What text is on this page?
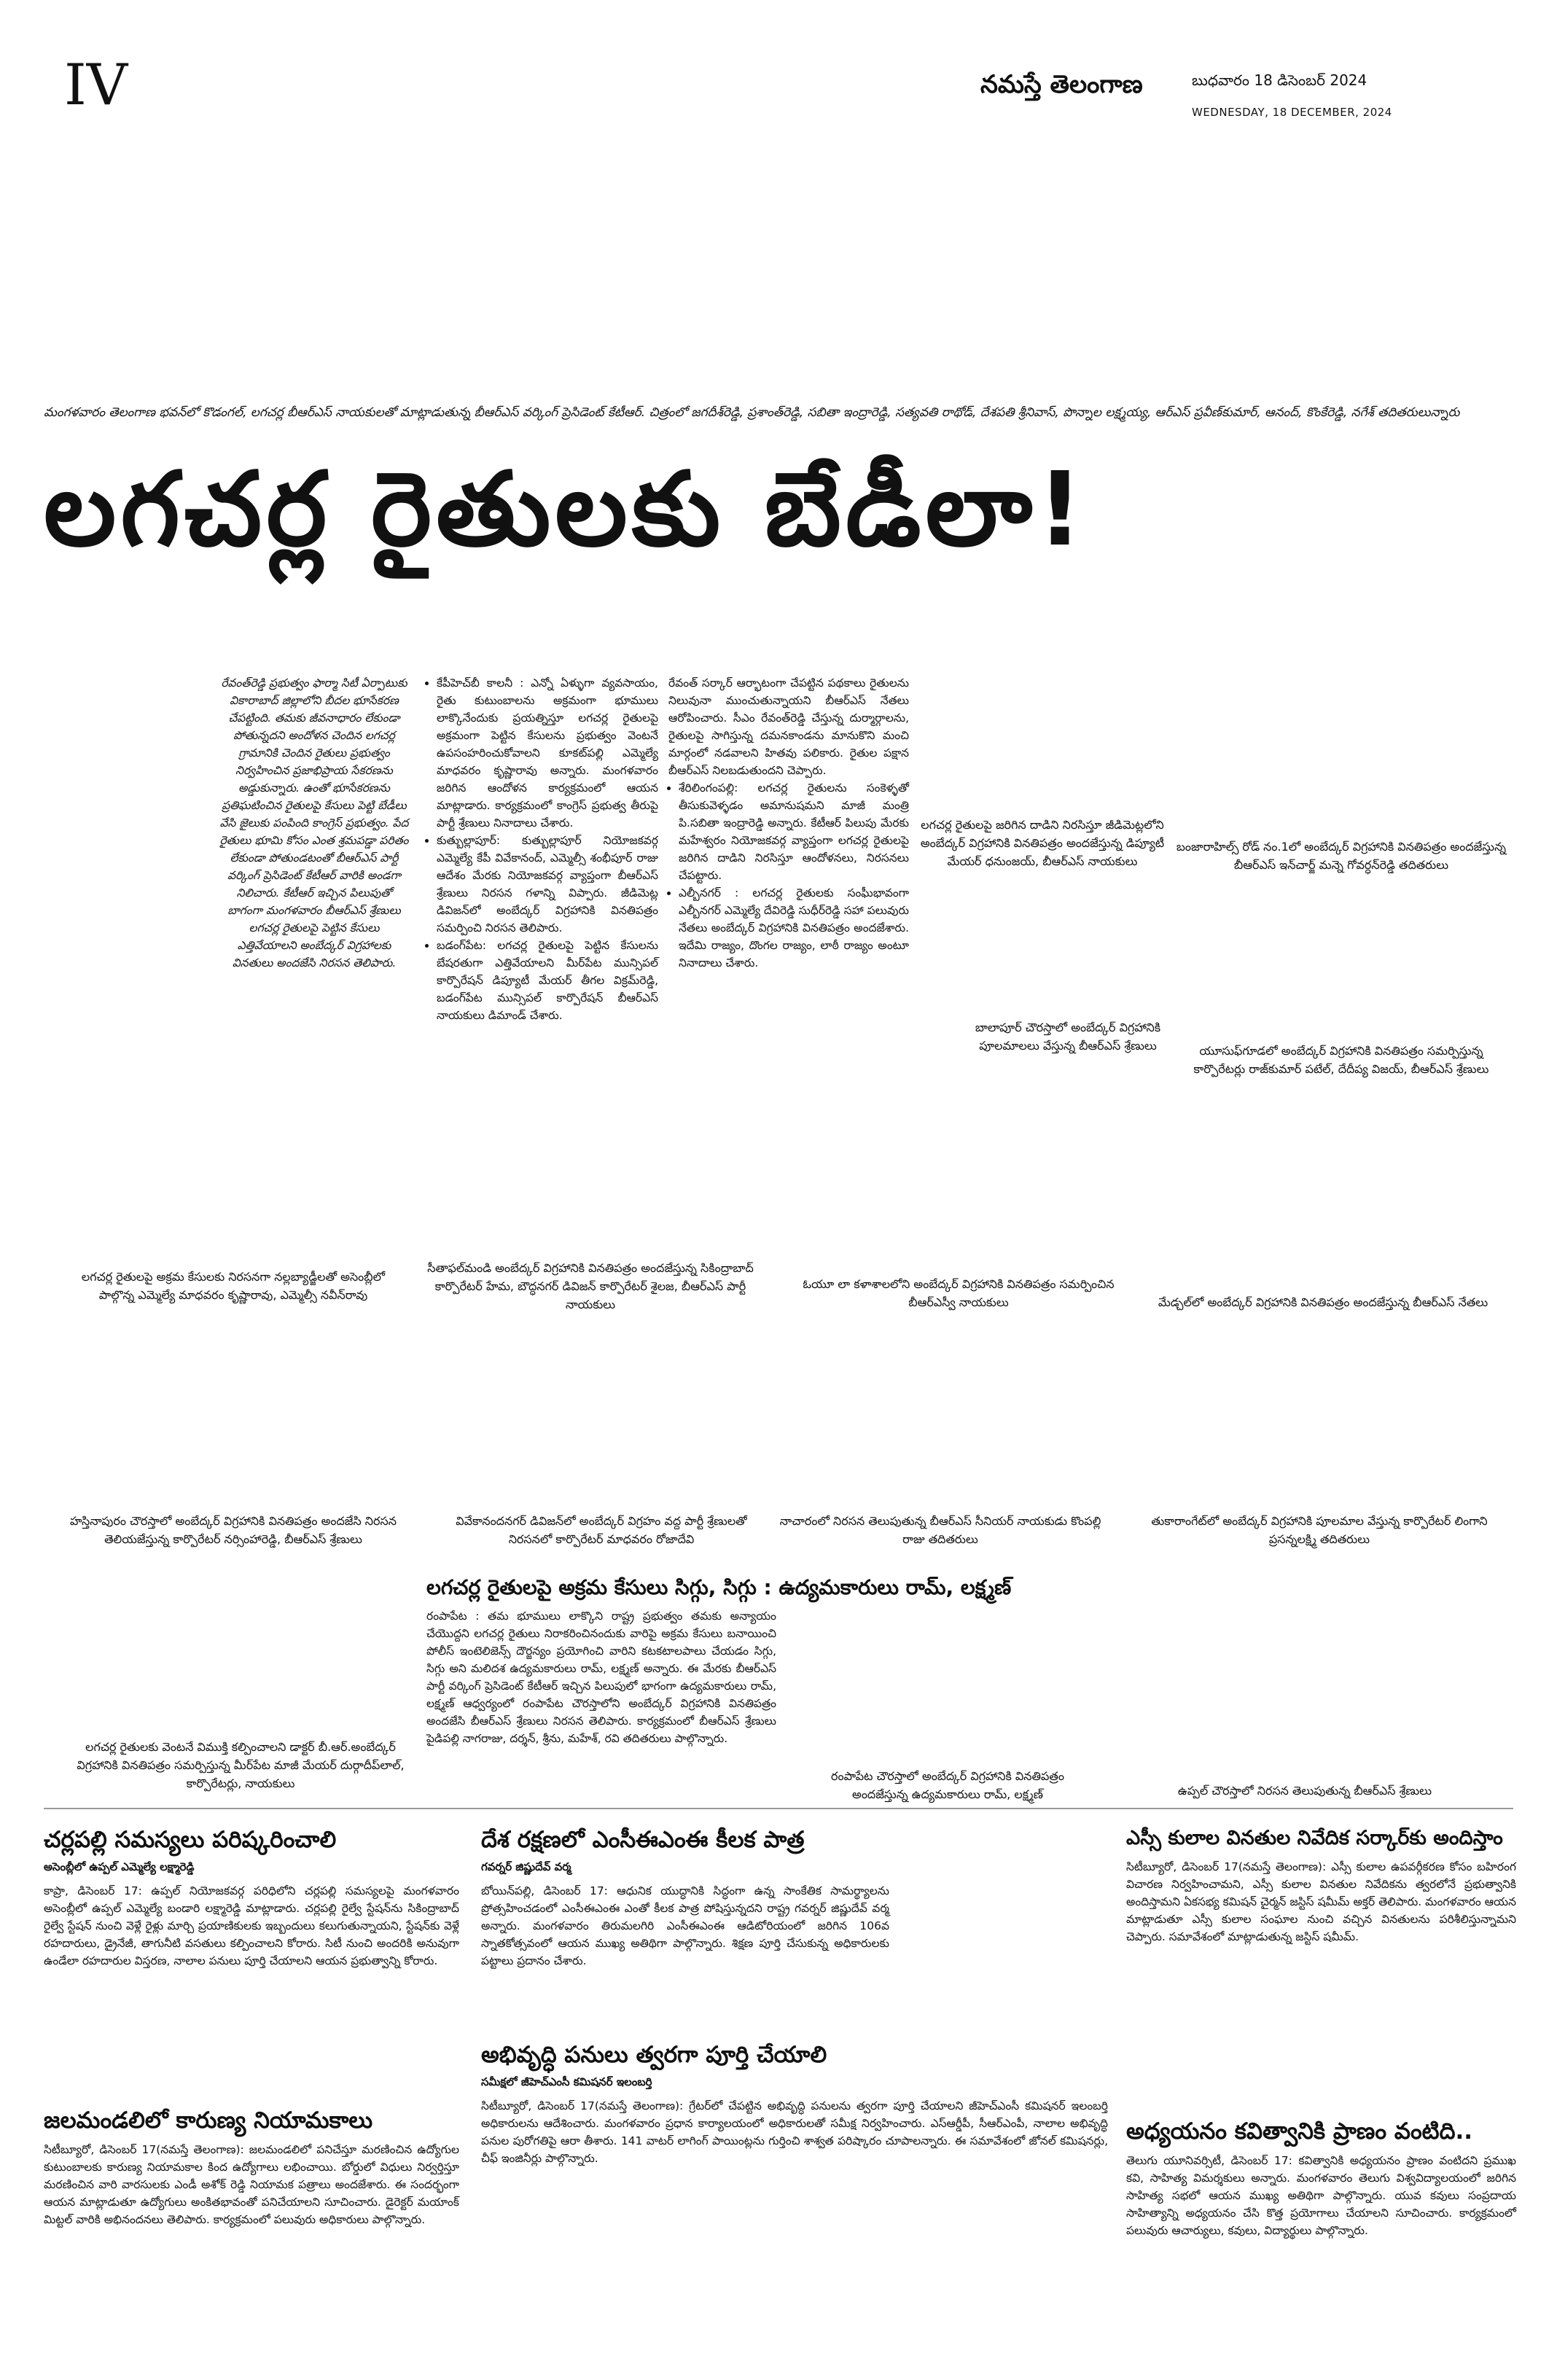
IV	నమస్తే తెలంగాణ	బుధవారం 18 డిసెంబర్ 2024
WEDNESDAY, 18 DECEMBER, 2024
మంగళవారం తెలంగాణ భవన్‌లో కొడంగల్, లగచర్ల బీఆర్ఎస్ నాయకులతో మాట్లాడుతున్న బీఆర్ఎస్ వర్కింగ్ ప్రెసిడెంట్ కేటీఆర్. చిత్రంలో జగదీశ్‌రెడ్డి, ప్రశాంత్‌రెడ్డి, సబితా ఇంద్రారెడ్డి, సత్యవతి రాథోడ్, దేశపతి శ్రీనివాస్, పొన్నాల లక్ష్మయ్య, ఆర్ఎస్ ప్రవీణ్‌కుమార్, ఆనంద్, కొంకేరెడ్డి, నగేశ్ తదితరులున్నారు
లగచర్ల రైతులకు బేడీలా!
రేవంత్‌రెడ్డి ప్రభుత్వం ఫార్మా సిటీ ఏర్పాటుకు వికారాబాద్ జిల్లాలోని బీదల భూసేకరణ చేపట్టింది. తమకు జీవనాధారం లేకుండా పోతున్నదని అందోళన చెందిన లగచర్ల గ్రామానికి చెందిన రైతులు ప్రభుత్వం నిర్వహించిన ప్రజాభిప్రాయ సేకరణను అడ్డుకున్నారు. ఉంతో భూసేకరణను ప్రతిఘటించిన రైతులపై కేసులు పెట్టి బేడీలు వేసి జైలుకు పంపింది కాంగ్రెస్ ప్రభుత్వం. పేద రైతులు భూమి కోసం ఎంత శ్రమపడ్డా పరితం లేకుండా పోతుండటంతో బీఆర్ఎస్ పార్టీ వర్కింగ్ ప్రెసిడెంట్ కేటీఆర్ వారికి అండగా నిలిచారు. కేటీఆర్ ఇచ్చిన పిలుపుతో బాగంగా మంగళవారం బీఆర్ఎస్ శ్రేణులు లగచర్ల రైతులపై పెట్టిన కేసులు ఎత్తివేయాలని అంబేద్కర్ విగ్రహాలకు వినతులు అందజేసి నిరసన తెలిపారు.
• కేపీహెచ్‌బీ కాలనీ : ఎన్నో ఏళ్ళుగా వ్యవసాయం, రైతు కుటుంబాలను అక్రమంగా భూములు లాక్కొనేందుకు ప్రయత్నిస్తూ లగచర్ల రైతులపై అక్రమంగా పెట్టిన కేసులను ప్రభుత్వం వెంటనే ఉపసంహరించుకోవాలని కూకట్‌పల్లి ఎమ్మెల్యే మాధవరం కృష్ణారావు అన్నారు. మంగళవారం జరిగిన ఆందోళన కార్యక్రమంలో ఆయన మాట్లాడారు. కార్యక్రమంలో కాంగ్రెస్ ప్రభుత్వ తీరుపై పార్టీ శ్రేణులు నినాదాలు చేశారు.
• కుత్బుల్లాపూర్: కుత్బుల్లాపూర్ నియోజకవర్గ ఎమ్మెల్యే కేపీ వివేకానంద్, ఎమ్మెల్సీ శంభీపూర్ రాజు ఆదేశం మేరకు నియోజకవర్గ వ్యాప్తంగా బీఆర్ఎస్ శ్రేణులు నిరసన గళాన్ని విప్పారు. జీడిమెట్ల డివిజన్‌లో అంబేద్కర్ విగ్రహానికి వినతిపత్రం సమర్పించి నిరసన తెలిపారు.
• బడంగ్‌పేట: లగచర్ల రైతులపై పెట్టిన కేసులను బేషరతుగా ఎత్తివేయాలని మీర్‌పేట మున్సిపల్ కార్పొరేషన్ డిప్యూటీ మేయర్ తీగల విక్రమ్‌రెడ్డి, బడంగ్‌పేట మున్సిపల్ కార్పొరేషన్ బీఆర్ఎస్ నాయకులు డిమాండ్ చేశారు.

రేవంత్ సర్కార్ ఆర్భాటంగా చేపట్టిన పథకాలు రైతులను నిలువునా ముంచుతున్నాయని బీఆర్ఎస్ నేతలు ఆరోపించారు. సీఎం రేవంత్‌రెడ్డి చేస్తున్న దుర్మార్గాలను, రైతులపై సాగిస్తున్న దమనకాండను మానుకొని మంచి మార్గంలో నడవాలని హితవు పలికారు. రైతుల పక్షాన బీఆర్ఎస్ నిలబడుతుందని చెప్పారు.

• శేరిలింగంపల్లి: లగచర్ల రైతులను సంకెళ్ళతో తీసుకువెళ్ళడం అమానుషమని మాజీ మంత్రి పి.సబితా ఇంద్రారెడ్డి అన్నారు. కేటీఆర్ పిలుపు మేరకు మహేశ్వరం నియోజకవర్గ వ్యాప్తంగా లగచర్ల రైతులపై జరిగిన దాడిని నిరసిస్తూ ఆందోళనలు, నిరసనలు చేపట్టారు.
• ఎల్బీనగర్ : లగచర్ల రైతులకు సంఘీభావంగా ఎల్బీనగర్ ఎమ్మెల్యే దేవిరెడ్డి సుధీర్‌రెడ్డి సహా పలువురు నేతలు అంబేద్కర్ విగ్రహానికి వినతిపత్రం అందజేశారు. ఇదేమి రాజ్యం, దొంగల రాజ్యం, లాఠీ రాజ్యం అంటూ నినాదాలు చేశారు.
లగచర్ల రైతులపై జరిగిన దాడిని నిరసిస్తూ జీడిమెట్లలోని అంబేద్కర్ విగ్రహానికి వినతిపత్రం అందజేస్తున్న డిప్యూటీ మేయర్ ధనుంజయ్, బీఆర్ఎస్ నాయకులు
బంజారాహిల్స్ రోడ్ నం.1లో అంబేద్కర్ విగ్రహానికి వినతిపత్రం అందజేస్తున్న బీఆర్ఎస్ ఇన్‌చార్జ్ మన్నె గోవర్ధన్‌రెడ్డి తదితరులు
బాలాపూర్ చౌరస్తాలో అంబేద్కర్ విగ్రహానికి పూలమాలలు వేస్తున్న బీఆర్ఎస్ శ్రేణులు	యూసుఫ్‌గూడలో అంబేద్కర్ విగ్రహానికి వినతిపత్రం సమర్పిస్తున్న కార్పొరేటర్లు రాజ్‌కుమార్ పటేల్, దేదీప్య విజయ్, బీఆర్ఎస్ శ్రేణులు
లగచర్ల రైతులపై అక్రమ కేసులకు నిరసనగా నల్లబ్యాడ్జీలతో అసెంబ్లీలో పాల్గొన్న ఎమ్మెల్యే మాధవరం కృష్ణారావు, ఎమ్మెల్సీ నవీన్‌రావు
సీతాఫల్‌మండి అంబేద్కర్ విగ్రహానికి వినతిపత్రం అందజేస్తున్న సికింద్రాబాద్ కార్పొరేటర్ హేమ, బౌద్ధనగర్ డివిజన్ కార్పొరేటర్ శైలజ, బీఆర్ఎస్ పార్టీ నాయకులు
ఓయూ లా కళాశాలలోని అంబేద్కర్ విగ్రహానికి వినతిపత్రం సమర్పించిన బీఆర్ఎస్వీ నాయకులు	మేడ్చల్‌లో అంబేద్కర్ విగ్రహానికి వినతిపత్రం అందజేస్తున్న బీఆర్ఎస్ నేతలు
హస్తినాపురం చౌరస్తాలో అంబేద్కర్ విగ్రహానికి వినతిపత్రం అందజేసి నిరసన తెలియజేస్తున్న కార్పొరేటర్ నర్సింహారెడ్డి, బీఆర్ఎస్ శ్రేణులు
వివేకానందనగర్ డివిజన్‌లో అంబేద్కర్ విగ్రహం వద్ద పార్టీ శ్రేణులతో నిరసనలో కార్పొరేటర్ మాధవరం రోజాదేవి
నాచారంలో నిరసన తెలుపుతున్న బీఆర్ఎస్ సీనియర్ నాయకుడు కొంపల్లి రాజు తదితరులు
తుకారాంగేట్‌లో అంబేద్కర్ విగ్రహానికి పూలమాల వేస్తున్న కార్పొరేటర్ లింగాని ప్రసన్నలక్ష్మి తదితరులు
లగచర్ల రైతులకు వెంటనే విముక్తి కల్పించాలని డాక్టర్ బీ.ఆర్.అంబేద్కర్ విగ్రహానికి వినతిపత్రం సమర్పిస్తున్న మీర్‌పేట మాజీ మేయర్ దుర్గాదీప్‌లాల్, కార్పొరేటర్లు, నాయకులు
రంపాపేట చౌరస్తాలో అంబేద్కర్ విగ్రహానికి వినతిపత్రం అందజేస్తున్న ఉద్యమకారులు రామ్, లక్ష్మణ్	ఉప్పల్ చౌరస్తాలో నిరసన తెలుపుతున్న బీఆర్ఎస్ శ్రేణులు
లగచర్ల రైతులపై అక్రమ కేసులు సిగ్గు, సిగ్గు : ఉద్యమకారులు రామ్, లక్ష్మణ్
రంపాపేట : తమ భూములు లాక్కొని రాష్ట్ర ప్రభుత్వం తమకు అన్యాయం చేయొద్దని లగచర్ల రైతులు నిరాకరించినందుకు వారిపై అక్రమ కేసులు బనాయించి పోలీస్ ఇంటెలిజెన్స్ దౌర్జన్యం ప్రయోగించి వారిని కటకటాలపాలు చేయడం సిగ్గు, సిగ్గు అని మలిదశ ఉద్యమకారులు రామ్, లక్ష్మణ్ అన్నారు. ఈ మేరకు బీఆర్ఎస్ పార్టీ వర్కింగ్ ప్రెసిడెంట్ కేటీఆర్ ఇచ్చిన పిలుపులో భాగంగా ఉద్యమకారులు రామ్, లక్ష్మణ్ ఆధ్వర్యంలో రంపాపేట చౌరస్తాలోని అంబేద్కర్ విగ్రహానికి వినతిపత్రం అందజేసి బీఆర్ఎస్ శ్రేణులు నిరసన తెలిపారు. కార్యక్రమంలో బీఆర్ఎస్ శ్రేణులు పైడిపల్లి నాగరాజు, దర్శన్, శ్రీను, మహేశ్, రవి తదితరులు పాల్గొన్నారు.
చర్లపల్లి సమస్యలు పరిష్కరించాలి
అసెంబ్లీలో ఉప్పల్ ఎమ్మెల్యే లక్ష్మారెడ్డి
కాప్రా, డిసెంబర్ 17: ఉప్పల్ నియోజకవర్గ పరిధిలోని చర్లపల్లి సమస్యలపై మంగళవారం అసెంబ్లీలో ఉప్పల్ ఎమ్మెల్యే బండారి లక్ష్మారెడ్డి మాట్లాడారు. చర్లపల్లి రైల్వే స్టేషన్‌ను సికింద్రాబాద్ రైల్వే స్టేషన్ నుంచి వెళ్లే రైళ్లు మార్చి ప్రయాణికులకు ఇబ్బందులు కలుగుతున్నాయని, స్టేషన్‌కు వెళ్లే రహదారులు, డ్రైనేజీ, తాగునీటి వసతులు కల్పించాలని కోరారు. సిటీ నుంచి అందరికి అనువుగా ఉండేలా రహదారుల విస్తరణ, నాలాల పనులు పూర్తి చేయాలని ఆయన ప్రభుత్వాన్ని కోరారు.
జలమండలిలో కారుణ్య నియామకాలు
సిటీబ్యూరో, డిసెంబర్ 17(నమస్తే తెలంగాణ): జలమండలిలో పనిచేస్తూ మరణించిన ఉద్యోగుల కుటుంబాలకు కారుణ్య నియామకాల కింద ఉద్యోగాలు లభించాయి. బోర్డులో విధులు నిర్వర్తిస్తూ మరణించిన వారి వారసులకు ఎండీ అశోక్ రెడ్డి నియామక పత్రాలు అందజేశారు. ఈ సందర్భంగా ఆయన మాట్లాడుతూ ఉద్యోగులు అంకితభావంతో పనిచేయాలని సూచించారు. డైరెక్టర్ మయాంక్ మిట్టల్ వారికి అభినందనలు తెలిపారు. కార్యక్రమంలో పలువురు అధికారులు పాల్గొన్నారు.
దేశ రక్షణలో ఎంసీఈఎంఈ కీలక పాత్ర
గవర్నర్ జిష్ణుదేవ్ వర్మ
బోయిన్‌పల్లి, డిసెంబర్ 17: ఆధునిక యుద్ధానికి సిద్ధంగా ఉన్న సాంకేతిక సామర్థ్యాలను ప్రోత్సహించడంలో ఎంసీఈఎంఈ ఎంతో కీలక పాత్ర పోషిస్తున్నదని రాష్ట్ర గవర్నర్ జిష్ణుదేవ్ వర్మ అన్నారు. మంగళవారం తిరుమలగిరి ఎంసీఈఎంఈ ఆడిటోరియంలో జరిగిన 106వ స్నాతకోత్సవంలో ఆయన ముఖ్య అతిథిగా పాల్గొన్నారు. శిక్షణ పూర్తి చేసుకున్న అధికారులకు పట్టాలు ప్రదానం చేశారు.
అభివృద్ధి పనులు త్వరగా పూర్తి చేయాలి
సమీక్షలో జీహెచ్ఎంసీ కమిషనర్ ఇలంబర్తి
సిటీబ్యూరో, డిసెంబర్ 17(నమస్తే తెలంగాణ): గ్రేటర్‌లో చేపట్టిన అభివృద్ధి పనులను త్వరగా పూర్తి చేయాలని జీహెచ్ఎంసీ కమిషనర్ ఇలంబర్తి అధికారులను ఆదేశించారు. మంగళవారం ప్రధాన కార్యాలయంలో అధికారులతో సమీక్ష నిర్వహించారు. ఎస్ఆర్డీపీ, సీఆర్ఎంపీ, నాలాల అభివృద్ధి పనుల పురోగతిపై ఆరా తీశారు. 141 వాటర్ లాగింగ్ పాయింట్లను గుర్తించి శాశ్వత పరిష్కారం చూపాలన్నారు. ఈ సమావేశంలో జోనల్ కమిషనర్లు, చీఫ్ ఇంజినీర్లు పాల్గొన్నారు.
ఎస్సీ కులాల వినతుల నివేదిక సర్కార్‌కు అందిస్తాం
సిటీబ్యూరో, డిసెంబర్ 17(నమస్తే తెలంగాణ): ఎస్సీ కులాల ఉపవర్గీకరణ కోసం బహిరంగ విచారణ నిర్వహించామని, ఎస్సీ కులాల వినతుల నివేదికను త్వరలోనే ప్రభుత్వానికి అందిస్తామని ఏకసభ్య కమిషన్ చైర్మన్ జస్టిస్ షమీమ్ అక్తర్ తెలిపారు. మంగళవారం ఆయన మాట్లాడుతూ ఎస్సీ కులాల సంఘాల నుంచి వచ్చిన వినతులను పరిశీలిస్తున్నామని చెప్పారు. సమావేశంలో మాట్లాడుతున్న జస్టిస్ షమీమ్.
అధ్యయనం కవిత్వానికి ప్రాణం వంటిది..
తెలుగు యూనివర్సిటీ, డిసెంబర్ 17: కవిత్వానికి అధ్యయనం ప్రాణం వంటిదని ప్రముఖ కవి, సాహిత్య విమర్శకులు అన్నారు. మంగళవారం తెలుగు విశ్వవిద్యాలయంలో జరిగిన సాహిత్య సభలో ఆయన ముఖ్య అతిథిగా పాల్గొన్నారు. యువ కవులు సంప్రదాయ సాహిత్యాన్ని అధ్యయనం చేసి కొత్త ప్రయోగాలు చేయాలని సూచించారు. కార్యక్రమంలో పలువురు ఆచార్యులు, కవులు, విద్యార్థులు పాల్గొన్నారు.
